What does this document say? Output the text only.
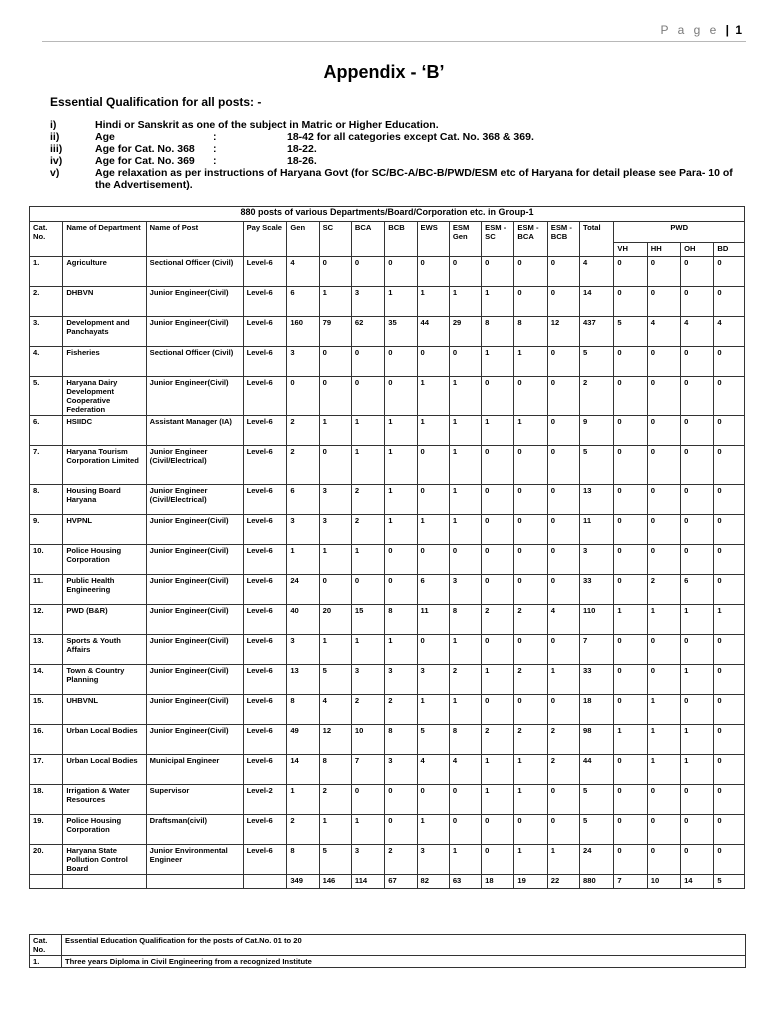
P a g e | 1
Appendix - ‘B’
Essential Qualification for all posts: -
i)	Hindi or Sanskrit as one of the subject in Matric or Higher Education.
ii)	Age	:	18-42 for all categories except Cat. No. 368 & 369.
iii)	Age for Cat. No. 368 :	18-22.
iv)	Age for Cat. No. 369 :	18-26.
v)	Age relaxation as per instructions of Haryana Govt (for SC/BC-A/BC-B/PWD/ESM etc of Haryana for detail please see Para- 10 of the Advertisement).
880 posts of various Departments/Board/Corporation etc. in Group-1																	
Cat. No.	Name of Department	Name of Post	Pay Scale	Gen	SC	BCA	BCB	EWS	ESM Gen	ESM -SC	ESM -BCA	ESM -BCB	Total	PWD			
														VH	HH	OH	BD
1.	Agriculture	Sectional Officer (Civil)	Level-6	4	0	0	0	0	0	0	0	0	4	0	0	0	0
2.	DHBVN	Junior Engineer(Civil)	Level-6	6	1	3	1	1	1	1	0	0	14	0	0	0	0
3.	Development and Panchayats	Junior Engineer(Civil)	Level-6	160	79	62	35	44	29	8	8	12	437	5	4	4	4
4.	Fisheries	Sectional Officer (Civil)	Level-6	3	0	0	0	0	0	1	1	0	5	0	0	0	0
5.	Haryana Dairy Development Cooperative Federation	Junior Engineer(Civil)	Level-6	0	0	0	0	1	1	0	0	0	2	0	0	0	0
6.	HSIIDC	Assistant Manager (IA)	Level-6	2	1	1	1	1	1	1	1	0	9	0	0	0	0
7.	Haryana Tourism Corporation Limited	Junior Engineer (Civil/Electrical)	Level-6	2	0	1	1	0	1	0	0	0	5	0	0	0	0
8.	Housing Board Haryana	Junior Engineer (Civil/Electrical)	Level-6	6	3	2	1	0	1	0	0	0	13	0	0	0	0
9.	HVPNL	Junior Engineer(Civil)	Level-6	3	3	2	1	1	1	0	0	0	11	0	0	0	0
10.	Police Housing Corporation	Junior Engineer(Civil)	Level-6	1	1	1	0	0	0	0	0	0	3	0	0	0	0
11.	Public Health Engineering	Junior Engineer(Civil)	Level-6	24	0	0	0	6	3	0	0	0	33	0	2	6	0
12.	PWD (B&R)	Junior Engineer(Civil)	Level-6	40	20	15	8	11	8	2	2	4	110	1	1	1	1
13.	Sports & Youth Affairs	Junior Engineer(Civil)	Level-6	3	1	1	1	0	1	0	0	0	7	0	0	0	0
14.	Town & Country Planning	Junior Engineer(Civil)	Level-6	13	5	3	3	3	2	1	2	1	33	0	0	1	0
15.	UHBVNL	Junior Engineer(Civil)	Level-6	8	4	2	2	1	1	0	0	0	18	0	1	0	0
16.	Urban Local Bodies	Junior Engineer(Civil)	Level-6	49	12	10	8	5	8	2	2	2	98	1	1	1	0
17.	Urban Local Bodies	Municipal Engineer	Level-6	14	8	7	3	4	4	1	1	2	44	0	1	1	0
18.	Irrigation & Water Resources	Supervisor	Level-2	1	2	0	0	0	0	1	1	0	5	0	0	0	0
19.	Police Housing Corporation	Draftsman(civil)	Level-6	2	1	1	0	1	0	0	0	0	5	0	0	0	0
20.	Haryana State Pollution Control Board	Junior Environmental Engineer	Level-6	8	5	3	2	3	1	0	1	1	24	0	0	0	0
				349	146	114	67	82	63	18	19	22	880	7	10	14	5
Cat. No.	Essential Education Qualification for the posts of Cat.No. 01 to 20
1.	Three years Diploma in Civil Engineering from a recognized Institute
